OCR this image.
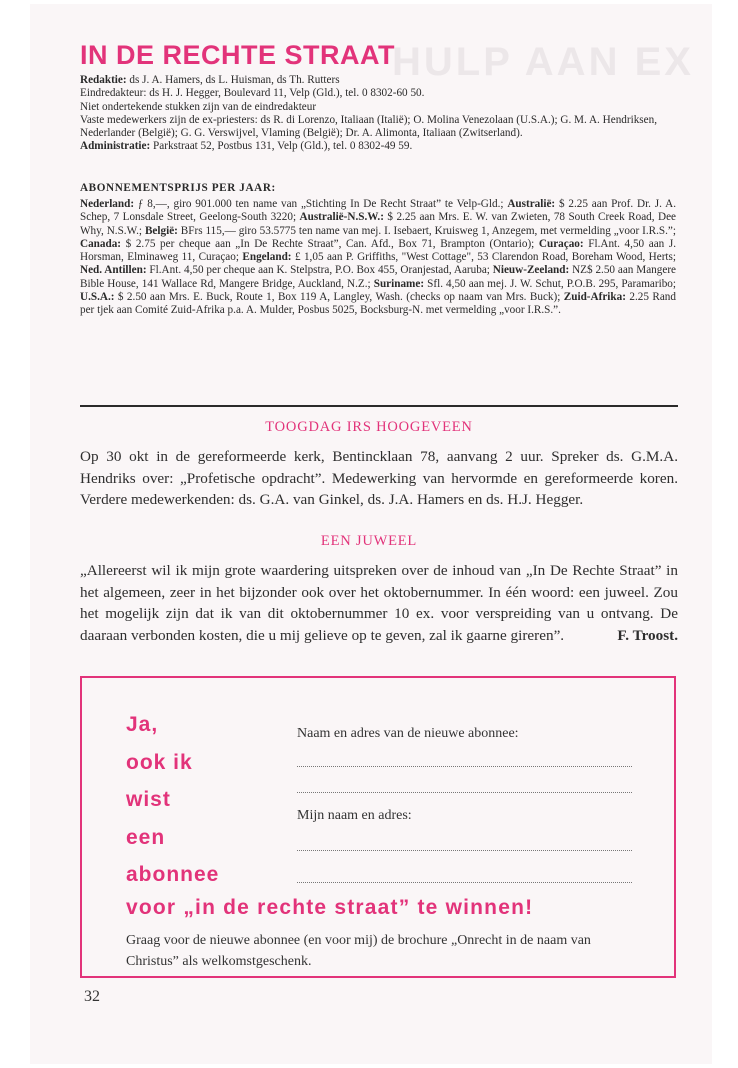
HULP AAN EX
IN DE RECHTE STRAAT

Redaktie: ds J. A. Hamers, ds L. Huisman, ds Th. Rutters

Eindredakteur: ds H. J. Hegger, Boulevard 11, Velp (Gld.), tel. 0 8302-60 50.

Niet ondertekende stukken zijn van de eindredakteur

Vaste medewerkers zijn de ex-priesters: ds R. di Lorenzo, Italiaan (Italië); O. Molina Venezolaan (U.S.A.); G. M. A. Hendriksen, Nederlander (België); G. G. Verswijvel, Vlaming (België); Dr. A. Alimonta, Italiaan (Zwitserland).

Administratie: Parkstraat 52, Postbus 131, Velp (Gld.), tel. 0 8302-49 59.

ABONNEMENTSPRIJS PER JAAR:

Nederland: ƒ 8,—, giro 901.000 ten name van „Stichting In De Recht Straat” te Velp-Gld.; Australië: $ 2.25 aan Prof. Dr. J. A. Schep, 7 Lonsdale Street, Geelong-South 3220; Australië-N.S.W.: $ 2.25 aan Mrs. E. W. van Zwieten, 78 South Creek Road, Dee Why, N.S.W.; België: BFrs 115,— giro 53.5775 ten name van mej. I. Isebaert, Kruisweg 1, Anzegem, met vermelding „voor I.R.S.”; Canada: $ 2.75 per cheque aan „In De Rechte Straat”, Can. Afd., Box 71, Brampton (Ontario); Curaçao: Fl.Ant. 4,50 aan J. Horsman, Elminaweg 11, Curaçao; Engeland: £ 1,05 aan P. Griffiths, "West Cottage", 53 Clarendon Road, Boreham Wood, Herts; Ned. Antillen: Fl.Ant. 4,50 per cheque aan K. Stelpstra, P.O. Box 455, Oranjestad, Aaruba; Nieuw-Zeeland: NZ$ 2.50 aan Mangere Bible House, 141 Wallace Rd, Mangere Bridge, Auckland, N.Z.; Suriname: Sfl. 4,50 aan mej. J. W. Schut, P.O.B. 295, Paramaribo; U.S.A.: $ 2.50 aan Mrs. E. Buck, Route 1, Box 119 A, Langley, Wash. (checks op naam van Mrs. Buck); Zuid-Afrika: 2.25 Rand per tjek aan Comité Zuid-Afrika p.a. A. Mulder, Posbus 5025, Bocksburg-N. met vermelding „voor I.R.S.”.

TOOGDAG IRS HOOGEVEEN

Op 30 okt in de gereformeerde kerk, Bentincklaan 78, aanvang 2 uur. Spreker ds. G.M.A. Hendriks over: „Profetische opdracht”. Medewerking van hervormde en gereformeerde koren. Verdere medewerkenden: ds. G.A. van Ginkel, ds. J.A. Hamers en ds. H.J. Hegger.

EEN JUWEEL

„Allereerst wil ik mijn grote waardering uitspreken over de inhoud van „In De Rechte Straat” in het algemeen, zeer in het bijzonder ook over het oktobernummer. In één woord: een juweel. Zou het mogelijk zijn dat ik van dit oktobernummer 10 ex. voor verspreiding van u ontvang. De daaraan verbonden kosten, die u mij gelieve op te geven, zal ik gaarne gireren”.	F. Troost.

Ja,
ook ik
wist
een
abonnee
Naam en adres van de nieuwe abonnee:
Mijn naam en adres:
voor „in de rechte straat” te winnen!
Graag voor de nieuwe abonnee (en voor mij) de brochure „Onrecht in de naam van Christus” als welkomstgeschenk.
32
